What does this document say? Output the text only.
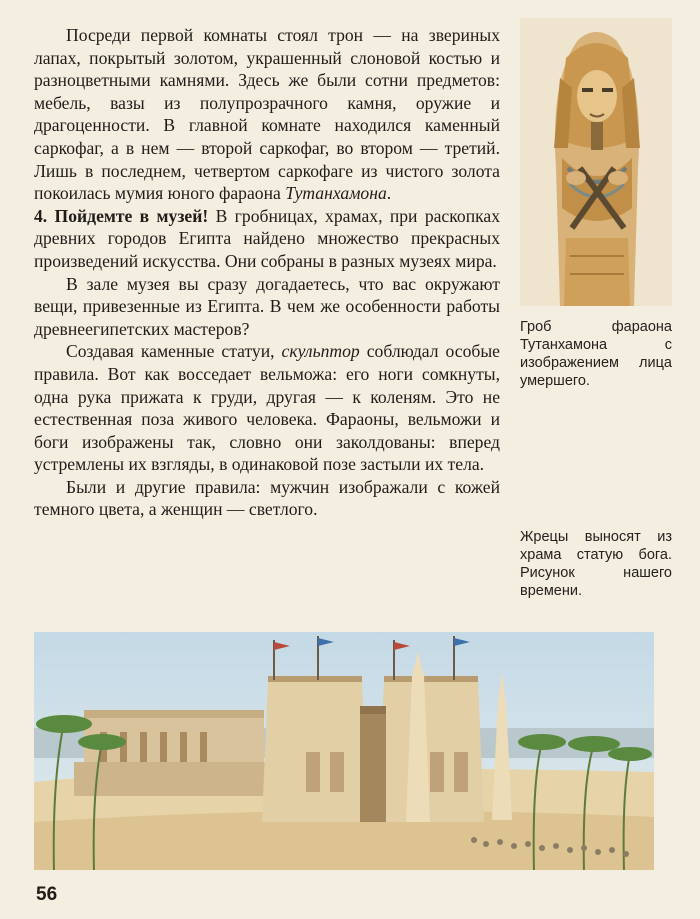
Посреди первой комнаты стоял трон — на звериных лапах, покрытый золотом, украшенный слоновой костью и разноцветными камнями. Здесь же были сотни предметов: мебель, вазы из полупрозрачного камня, оружие и драгоценности. В главной комнате находился каменный саркофаг, а в нем — второй саркофаг, во втором — третий. Лишь в последнем, четвертом саркофаге из чистого золота покоилась мумия юного фараона Тутанхамона.

4. Пойдемте в музей! В гробницах, храмах, при раскопках древних городов Египта найдено множество прекрасных произведений искусства. Они собраны в разных музеях мира.

В зале музея вы сразу догадаетесь, что вас окружают вещи, привезенные из Египта. В чем же особенности работы древнеегипетских мастеров?

Создавая каменные статуи, скульптор соблюдал особые правила. Вот как восседает вельможа: его ноги сомкнуты, одна рука прижата к груди, другая — к коленям. Это не естественная поза живого человека. Фараоны, вельможи и боги изображены так, словно они заколдованы: вперед устремлены их взгляды, в одинаковой позе застыли их тела.

Были и другие правила: мужчин изображали с кожей темного цвета, а женщин — светлого.

Гроб фараона Тутанхамона с изображением лица умершего.
Жрецы выносят из храма статую бога. Рисунок нашего времени.
56
